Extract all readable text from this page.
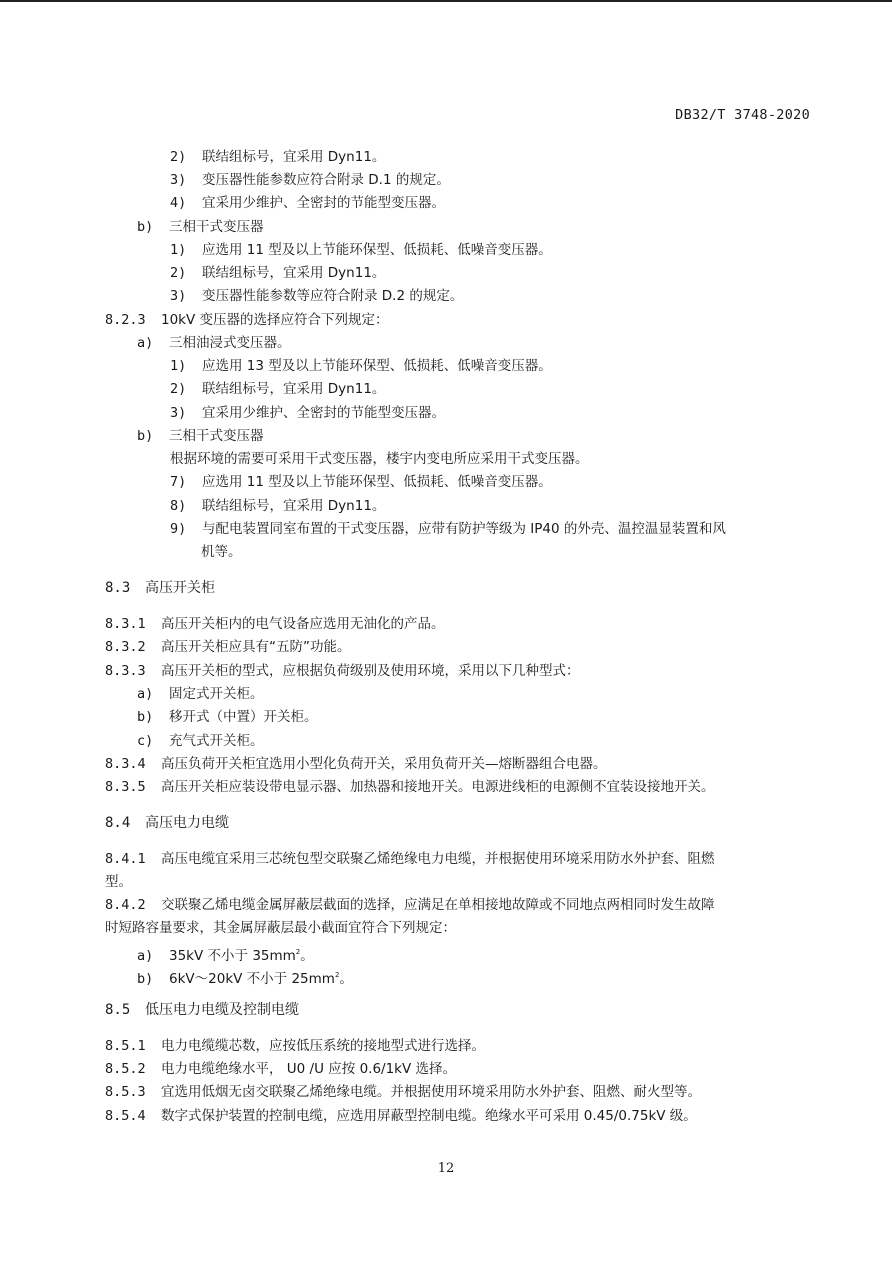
DB32/T 3748-2020
2) 联结组标号，宜采用 Dyn11。
3) 变压器性能参数应符合附录 D.1 的规定。
4) 宜采用少维护、全密封的节能型变压器。
b) 三相干式变压器
1) 应选用 11 型及以上节能环保型、低损耗、低噪音变压器。
2) 联结组标号，宜采用 Dyn11。
3) 变压器性能参数等应符合附录 D.2 的规定。
8.2.3 10kV 变压器的选择应符合下列规定：
a) 三相油浸式变压器。
1) 应选用 13 型及以上节能环保型、低损耗、低噪音变压器。
2) 联结组标号，宜采用 Dyn11。
3) 宜采用少维护、全密封的节能型变压器。
b) 三相干式变压器
根据环境的需要可采用干式变压器，楼宇内变电所应采用干式变压器。
7) 应选用 11 型及以上节能环保型、低损耗、低噪音变压器。
8) 联结组标号，宜采用 Dyn11。
9) 与配电装置同室布置的干式变压器，应带有防护等级为 IP40 的外壳、温控温显装置和风
机等。
8.3 高压开关柜
8.3.1 高压开关柜内的电气设备应选用无油化的产品。
8.3.2 高压开关柜应具有“五防”功能。
8.3.3 高压开关柜的型式，应根据负荷级别及使用环境，采用以下几种型式：
a) 固定式开关柜。
b) 移开式（中置）开关柜。
c) 充气式开关柜。
8.3.4 高压负荷开关柜宜选用小型化负荷开关，采用负荷开关—熔断器组合电器。
8.3.5 高压开关柜应装设带电显示器、加热器和接地开关。电源进线柜的电源侧不宜装设接地开关。
8.4 高压电力电缆
8.4.1 高压电缆宜采用三芯统包型交联聚乙烯绝缘电力电缆，并根据使用环境采用防水外护套、阻燃
型。
8.4.2 交联聚乙烯电缆金属屏蔽层截面的选择，应满足在单相接地故障或不同地点两相同时发生故障
时短路容量要求，其金属屏蔽层最小截面宜符合下列规定：
a) 35kV 不小于 $35mm^2$。
b) 6kV～20kV 不小于 $25mm^2$。
8.5 低压电力电缆及控制电缆
8.5.1 电力电缆缆芯数，应按低压系统的接地型式进行选择。
8.5.2 电力电缆绝缘水平， U0 /U 应按 0.6/1kV 选择。
8.5.3 宜选用低烟无卤交联聚乙烯绝缘电缆。并根据使用环境采用防水外护套、阻燃、耐火型等。
8.5.4 数字式保护装置的控制电缆，应选用屏蔽型控制电缆。绝缘水平可采用 0.45/0.75kV 级。
12
